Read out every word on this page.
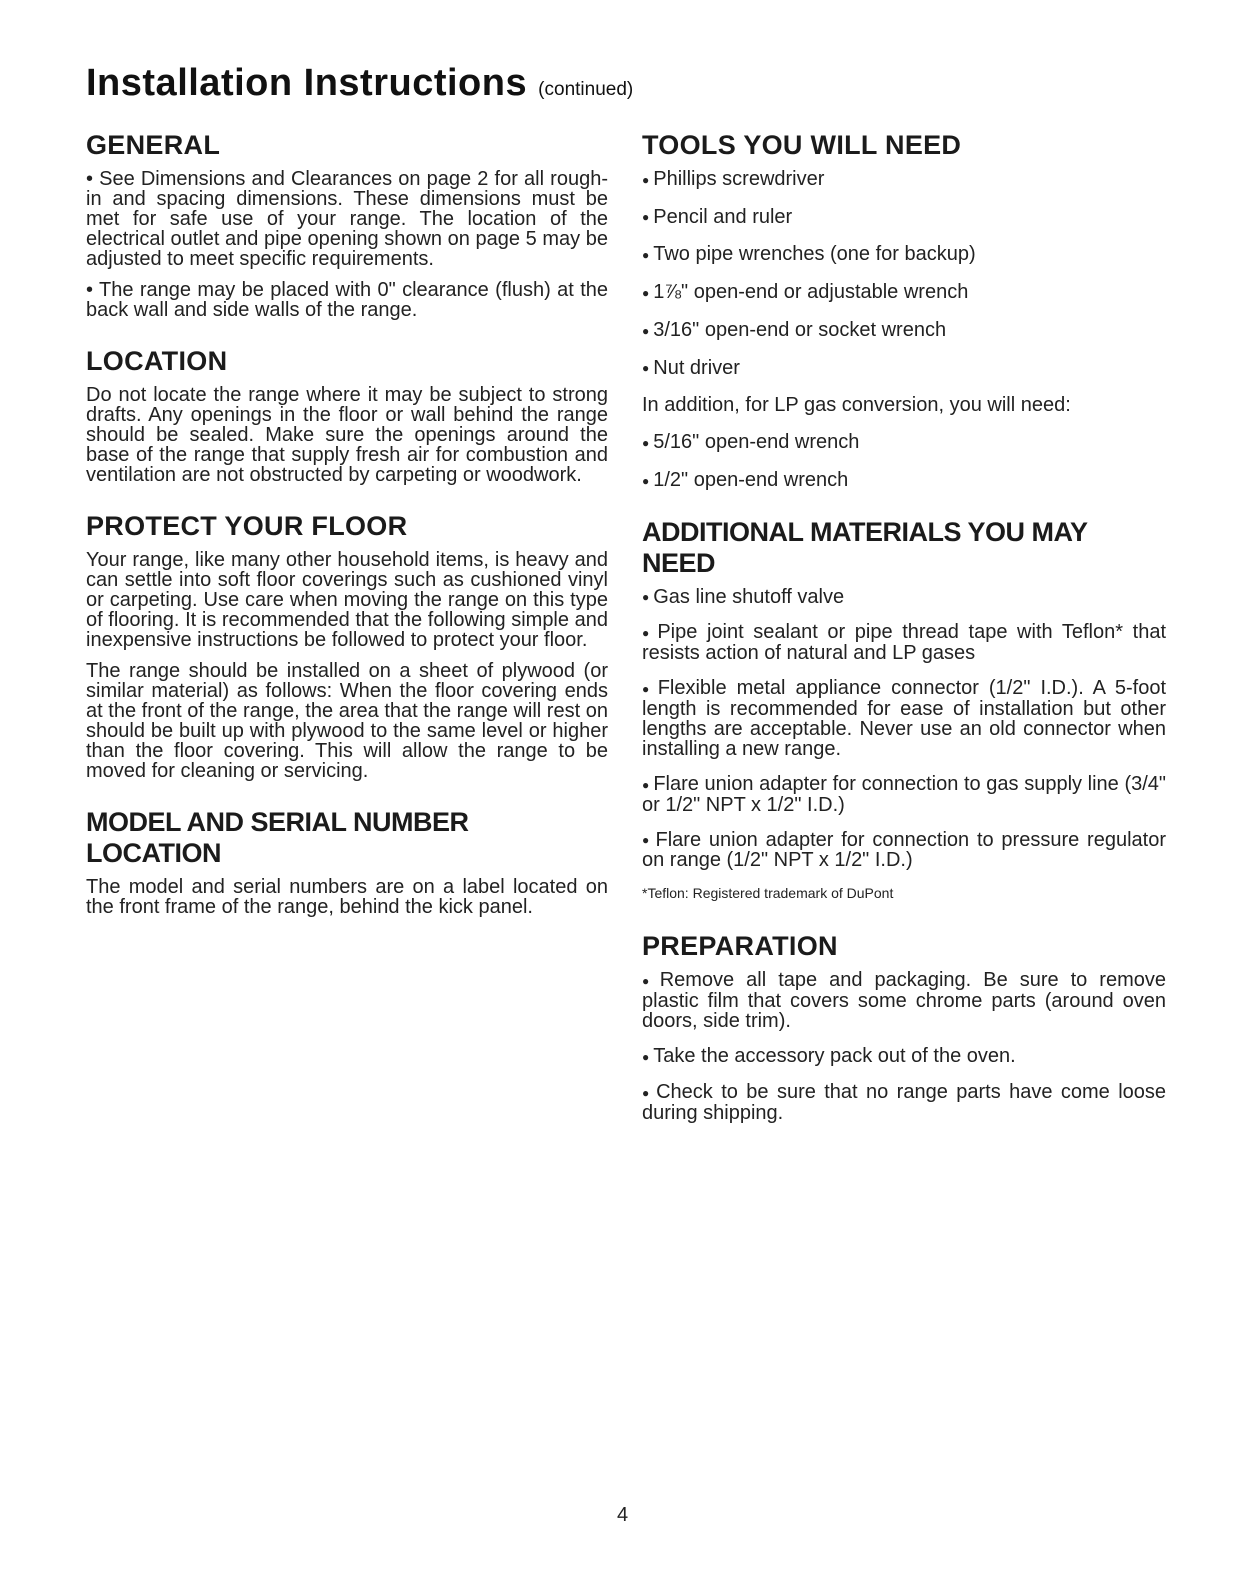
Installation Instructions (continued)
GENERAL

• See Dimensions and Clearances on page 2 for all rough-in and spacing dimensions. These dimensions must be met for safe use of your range. The location of the electrical outlet and pipe opening shown on page 5 may be adjusted to meet specific requirements.

• The range may be placed with 0" clearance (flush) at the back wall and side walls of the range.

LOCATION

Do not locate the range where it may be subject to strong drafts. Any openings in the floor or wall behind the range should be sealed. Make sure the openings around the base of the range that supply fresh air for combustion and ventilation are not obstructed by carpeting or woodwork.

PROTECT YOUR FLOOR

Your range, like many other household items, is heavy and can settle into soft floor coverings such as cushioned vinyl or carpeting. Use care when moving the range on this type of flooring. It is recommended that the following simple and inexpensive instructions be followed to protect your floor.

The range should be installed on a sheet of plywood (or similar material) as follows: When the floor covering ends at the front of the range, the area that the range will rest on should be built up with plywood to the same level or higher than the floor covering. This will allow the range to be moved for cleaning or servicing.

MODEL AND SERIAL NUMBER LOCATION

The model and serial numbers are on a label located on the front frame of the range, behind the kick panel.

TOOLS YOU WILL NEED
● Phillips screwdriver
● Pencil and ruler
● Two pipe wrenches (one for backup)
● 1⅞" open-end or adjustable wrench
● 3/16" open-end or socket wrench
● Nut driver
In addition, for LP gas conversion, you will need:
● 5/16" open-end wrench
● 1/2" open-end wrench
ADDITIONAL MATERIALS YOU MAY NEED
● Gas line shutoff valve
● Pipe joint sealant or pipe thread tape with Teflon* that resists action of natural and LP gases
● Flexible metal appliance connector (1/2" I.D.). A 5-foot length is recommended for ease of installation but other lengths are acceptable. Never use an old connector when installing a new range.
● Flare union adapter for connection to gas supply line (3/4" or 1/2" NPT x 1/2" I.D.)
● Flare union adapter for connection to pressure regulator on range (1/2" NPT x 1/2" I.D.)
*Teflon: Registered trademark of DuPont
PREPARATION
● Remove all tape and packaging. Be sure to remove plastic film that covers some chrome parts (around oven doors, side trim).
● Take the accessory pack out of the oven.
● Check to be sure that no range parts have come loose during shipping.
4
